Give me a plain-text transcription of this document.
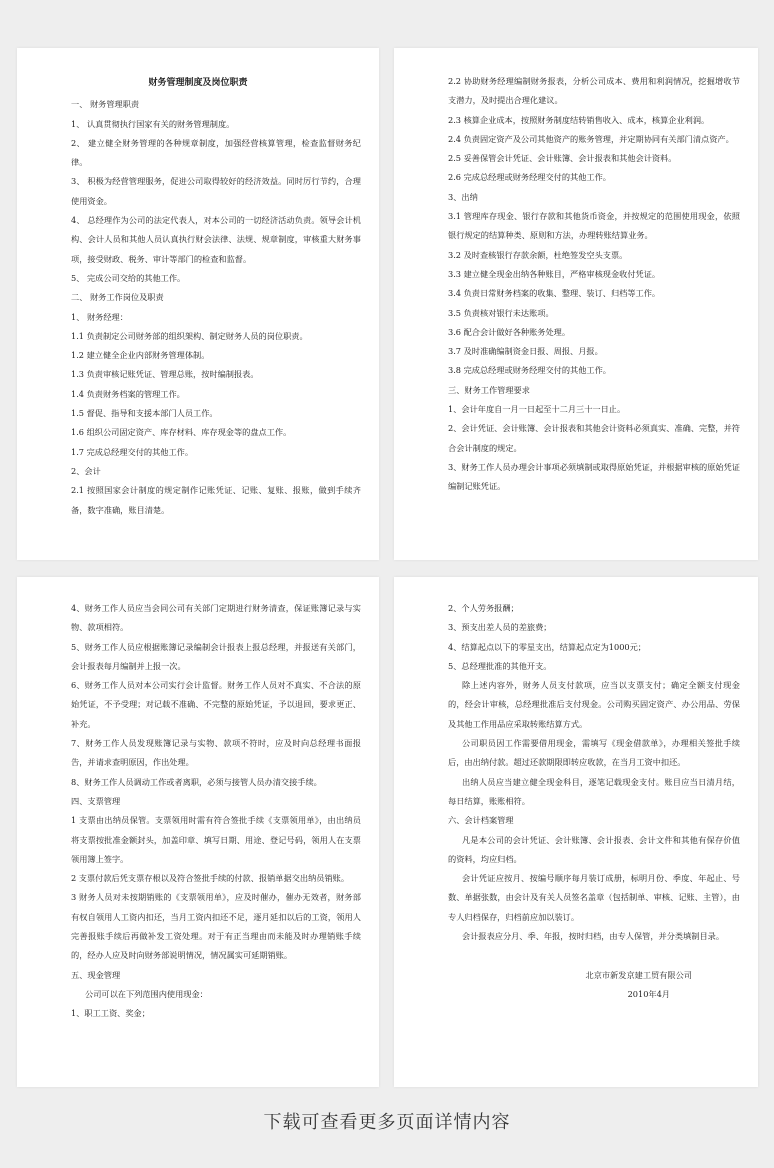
财务管理制度及岗位职责
一、 财务管理职责
1、 认真贯彻执行国家有关的财务管理制度。
2、 建立健全财务管理的各种规章制度，加强经营核算管理，检查监督财务纪律。
3、 积极为经营管理服务，促进公司取得较好的经济效益。同时厉行节约，合理使用资金。
4、 总经理作为公司的法定代表人，对本公司的一切经济活动负责。领导会计机构、会计人员和其他人员认真执行财会法律、法规、规章制度，审核重大财务事项，接受财政、税务、审计等部门的检查和监督。
5、 完成公司交给的其他工作。
二、 财务工作岗位及职责
1、 财务经理：
1.1 负责制定公司财务部的组织架构、制定财务人员的岗位职责。
1.2 建立健全企业内部财务管理体制。
1.3 负责审核记账凭证、管理总账，按时编制报表。
1.4 负责财务档案的管理工作。
1.5 督促、指导和支援本部门人员工作。
1.6 组织公司固定资产、库存材料、库存现金等的盘点工作。
1.7 完成总经理交付的其他工作。
2、会计
2.1 按照国家会计制度的规定制作记账凭证、记账、复账、报账，做到手续齐备，数字准确，账目清楚。
2.2 协助财务经理编制财务报表，分析公司成本、费用和利润情况，挖掘增收节支潜力，及时提出合理化建议。
2.3 核算企业成本，按照财务制度结转销售收入、成本，核算企业利润。
2.4 负责固定资产及公司其他资产的账务管理，并定期协同有关部门清点资产。
2.5 妥善保管会计凭证、会计账簿、会计报表和其他会计资料。
2.6 完成总经理或财务经理交付的其他工作。
3、出纳
3.1 管理库存现金、银行存款和其他货币资金，并按规定的范围使用现金，依照银行规定的结算种类、原则和方法，办理转账结算业务。
3.2 及时查核银行存款余额，杜绝签发空头支票。
3.3 建立健全现金出纳各种账目，严格审核现金收付凭证。
3.4 负责日常财务档案的收集、整理、装订、归档等工作。
3.5 负责核对银行未达账项。
3.6 配合会计做好各种账务处理。
3.7 及时准确编制资金日报、周报、月报。
3.8 完成总经理或财务经理交付的其他工作。
三、财务工作管理要求
1、会计年度自一月一日起至十二月三十一日止。
2、会计凭证、会计账簿、会计报表和其他会计资料必须真实、准确、完整，并符合会计制度的规定。
3、财务工作人员办理会计事项必须填制或取得原始凭证，并根据审核的原始凭证编制记账凭证。
4、财务工作人员应当会同公司有关部门定期进行财务清查，保证账簿记录与实物、款项相符。
5、财务工作人员应根据账簿记录编制会计报表上报总经理，并报送有关部门，会计报表每月编制并上报一次。
6、财务工作人员对本公司实行会计监督。财务工作人员对不真实、不合法的原始凭证，不予受理；对记载不准确、不完整的原始凭证，予以退回，要求更正、补充。
7、财务工作人员发现账簿记录与实物、款项不符时，应及时向总经理书面报告，并请求查明原因，作出处理。
8、财务工作人员调动工作或者离职，必须与接管人员办清交接手续。
四、支票管理
1 支票由出纳员保管。支票领用时需有符合签批手续《支票领用单》，由出纳员将支票按批准金额封头，加盖印章、填写日期、用途、登记号码，领用人在支票领用簿上签字。
2 支票付款后凭支票存根以及符合签批手续的付款、报销单据交出纳员销账。
3 财务人员对未按期销账的《支票领用单》，应及时催办，催办无效者，财务部有权自领用人工资内扣还，当月工资内扣还不足，逐月延扣以后的工资，领用人完善报账手续后再做补发工资处理。对于有正当理由而未能及时办理销账手续的，经办人应及时向财务部说明情况，情况属实可延期销账。
五、现金管理
公司可以在下列范围内使用现金：
1、职工工资、奖金；
2、个人劳务报酬；
3、预支出差人员的差旅费；
4、结算起点以下的零星支出，结算起点定为1000元；
5、总经理批准的其他开支。
除上述内容外，财务人员支付款项，应当以支票支付；确定全额支付现金的，经会计审核，总经理批准后支付现金。公司购买固定资产、办公用品、劳保及其他工作用品应采取转账结算方式。
公司职员因工作需要借用现金，需填写《现金借款单》，办理相关签批手续后，由出纳付款。超过还款期限即转应收款，在当月工资中扣还。
出纳人员应当建立健全现金科目，逐笔记载现金支付。账目应当日清月结，每日结算，账账相符。
六、会计档案管理
凡是本公司的会计凭证、会计账簿、会计报表、会计文件和其他有保存价值的资料，均应归档。
会计凭证应按月、按编号顺序每月装订成册，标明月份、季度、年起止、号数、单据张数，由会计及有关人员签名盖章（包括制单、审核、记账、主管），由专人归档保存，归档前应加以装订。
会计报表应分月、季、年报，按时归档，由专人保管，并分类填制目录。

北京市新发京建工贸有限公司
2010年4月
下载可查看更多页面详情内容
